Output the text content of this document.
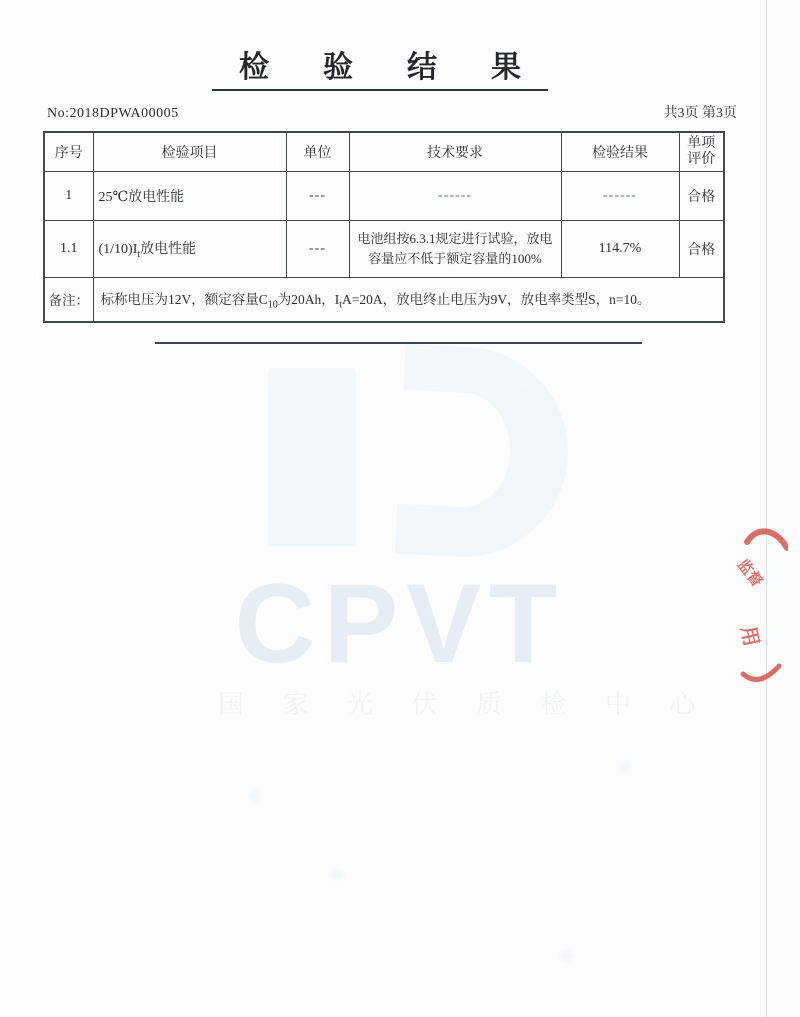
检验结果
No:2018DPWA00005	共3页 第3页
序号	检验项目	单位	技术要求	检验结果	单项评价
1	25℃放电性能	---	------	------	合格
1.1	$(1/10)I_t$放电性能	---	电池组按6.3.1规定进行试验，放电容量应不低于额定容量的100%	114.7%	合格
备注：	标称电压为12V，额定容量$C_{10}$为20Ah，$I_tA=20A$，放电终止电压为9V，放电率类型S，n=10。				
CPVT
国 家 光 伏 质 检 中 心
监督
用
